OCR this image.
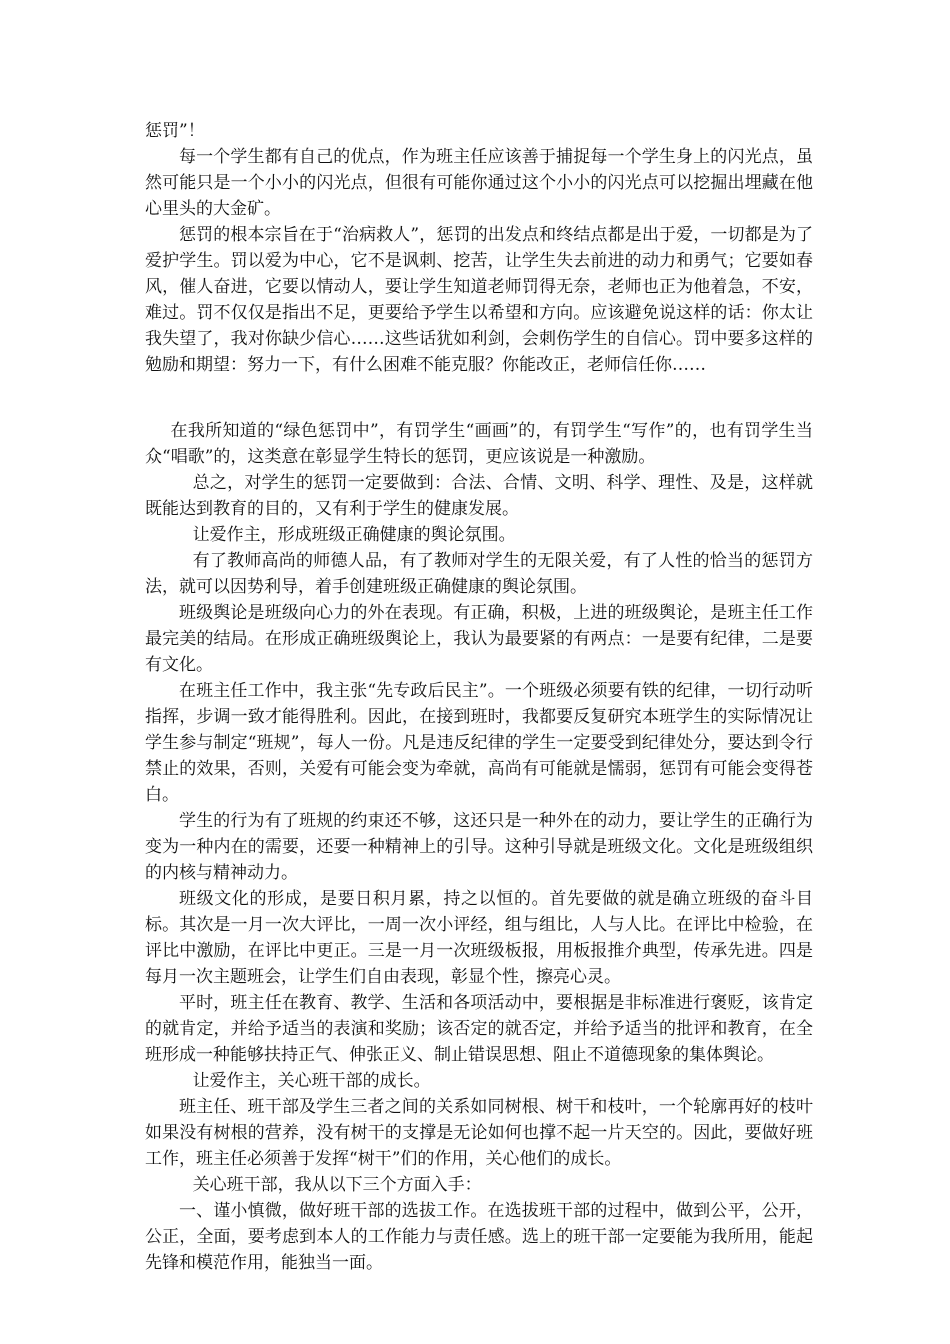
惩罚”！

每一个学生都有自己的优点，作为班主任应该善于捕捉每一个学生身上的闪光点，虽然可能只是一个小小的闪光点，但很有可能你通过这个小小的闪光点可以挖掘出埋藏在他心里头的大金矿。

惩罚的根本宗旨在于“治病救人”，惩罚的出发点和终结点都是出于爱，一切都是为了爱护学生。罚以爱为中心，它不是讽刺、挖苦，让学生失去前进的动力和勇气；它要如春风，催人奋进，它要以情动人，要让学生知道老师罚得无奈，老师也正为他着急，不安，难过。罚不仅仅是指出不足，更要给予学生以希望和方向。应该避免说这样的话：你太让我失望了，我对你缺少信心……这些话犹如利剑，会刺伤学生的自信心。罚中要多这样的勉励和期望：努力一下，有什么困难不能克服？你能改正，老师信任你……

在我所知道的“绿色惩罚中”，有罚学生“画画”的，有罚学生“写作”的，也有罚学生当众“唱歌”的，这类意在彰显学生特长的惩罚，更应该说是一种激励。

总之，对学生的惩罚一定要做到：合法、合情、文明、科学、理性、及是，这样就既能达到教育的目的，又有利于学生的健康发展。

让爱作主，形成班级正确健康的舆论氛围。

有了教师高尚的师德人品，有了教师对学生的无限关爱，有了人性的恰当的惩罚方法，就可以因势利导，着手创建班级正确健康的舆论氛围。

班级舆论是班级向心力的外在表现。有正确，积极，上进的班级舆论，是班主任工作最完美的结局。在形成正确班级舆论上，我认为最要紧的有两点：一是要有纪律，二是要有文化。

在班主任工作中，我主张“先专政后民主”。一个班级必须要有铁的纪律，一切行动听指挥，步调一致才能得胜利。因此，在接到班时，我都要反复研究本班学生的实际情况让学生参与制定“班规”，每人一份。凡是违反纪律的学生一定要受到纪律处分，要达到令行禁止的效果，否则，关爱有可能会变为牵就，高尚有可能就是懦弱，惩罚有可能会变得苍白。

学生的行为有了班规的约束还不够，这还只是一种外在的动力，要让学生的正确行为变为一种内在的需要，还要一种精神上的引导。这种引导就是班级文化。文化是班级组织的内核与精神动力。

班级文化的形成，是要日积月累，持之以恒的。首先要做的就是确立班级的奋斗目标。其次是一月一次大评比，一周一次小评经，组与组比，人与人比。在评比中检验，在评比中激励，在评比中更正。三是一月一次班级板报，用板报推介典型，传承先进。四是每月一次主题班会，让学生们自由表现，彰显个性，擦亮心灵。

平时，班主任在教育、教学、生活和各项活动中，要根据是非标准进行褒贬，该肯定的就肯定，并给予适当的表演和奖励；该否定的就否定，并给予适当的批评和教育，在全班形成一种能够扶持正气、伸张正义、制止错误思想、阻止不道德现象的集体舆论。

让爱作主，关心班干部的成长。

班主任、班干部及学生三者之间的关系如同树根、树干和枝叶，一个轮廓再好的枝叶如果没有树根的营养，没有树干的支撑是无论如何也撑不起一片天空的。因此，要做好班工作，班主任必须善于发挥“树干”们的作用，关心他们的成长。

关心班干部，我从以下三个方面入手：

一、谨小慎微，做好班干部的选拔工作。在选拔班干部的过程中，做到公平，公开，公正，全面，要考虑到本人的工作能力与责任感。选上的班干部一定要能为我所用，能起先锋和模范作用，能独当一面。
